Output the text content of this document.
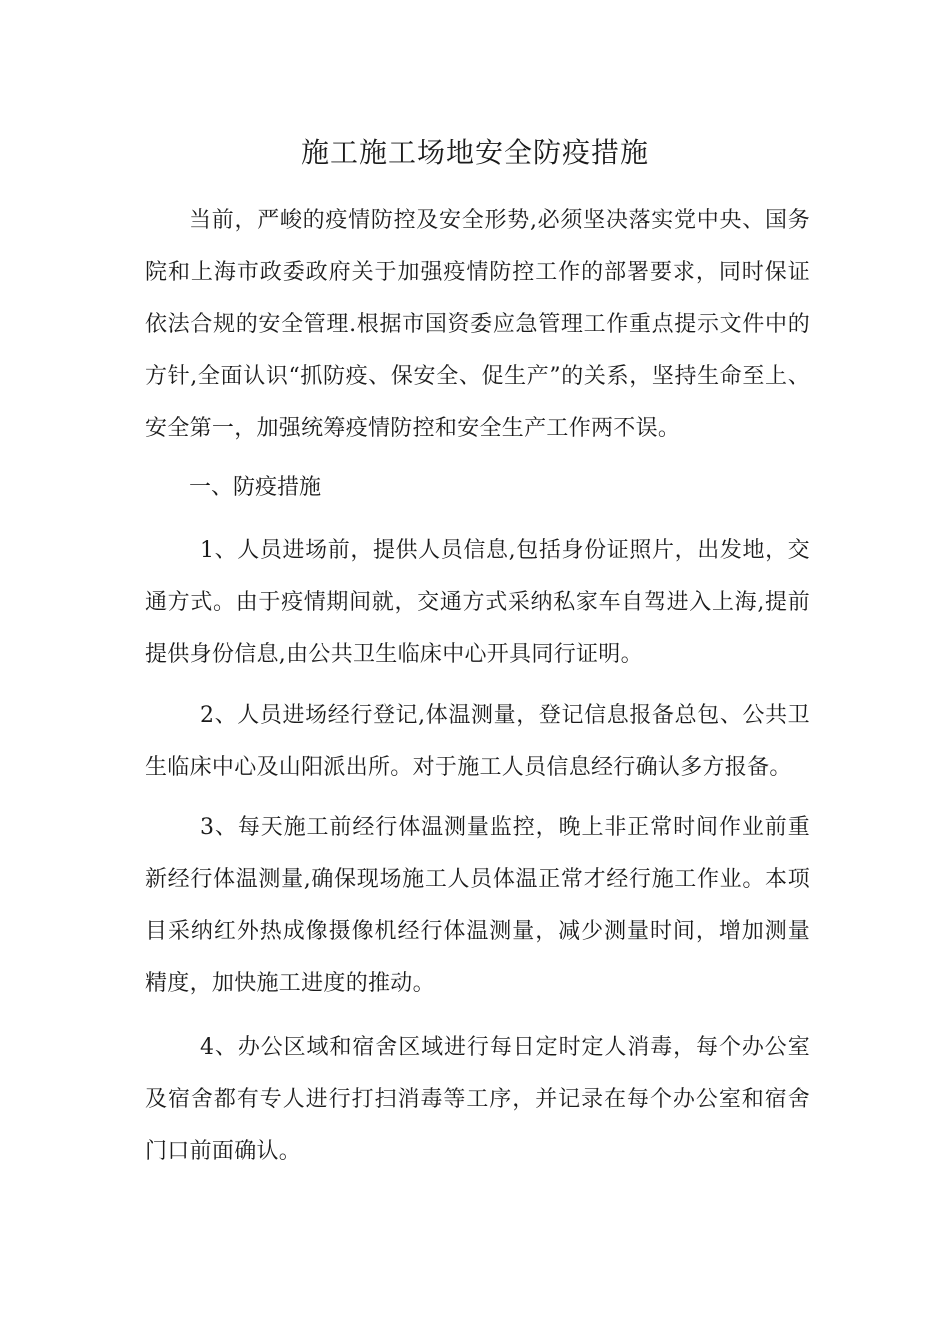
施工施工场地安全防疫措施
当前，严峻的疫情防控及安全形势,必须坚决落实党中央、国务院和上海市政委政府关于加强疫情防控工作的部署要求，同时保证依法合规的安全管理.根据市国资委应急管理工作重点提示文件中的方针,全面认识“抓防疫、保安全、促生产”的关系，坚持生命至上、安全第一，加强统筹疫情防控和安全生产工作两不误。
一、防疫措施
1、人员进场前，提供人员信息,包括身份证照片，出发地，交通方式。由于疫情期间就，交通方式采纳私家车自驾进入上海,提前提供身份信息,由公共卫生临床中心开具同行证明。
2、人员进场经行登记,体温测量，登记信息报备总包、公共卫生临床中心及山阳派出所。对于施工人员信息经行确认多方报备。
3、每天施工前经行体温测量监控，晚上非正常时间作业前重新经行体温测量,确保现场施工人员体温正常才经行施工作业。本项目采纳红外热成像摄像机经行体温测量，减少测量时间，增加测量精度，加快施工进度的推动。
4、办公区域和宿舍区域进行每日定时定人消毒，每个办公室及宿舍都有专人进行打扫消毒等工序，并记录在每个办公室和宿舍门口前面确认。
